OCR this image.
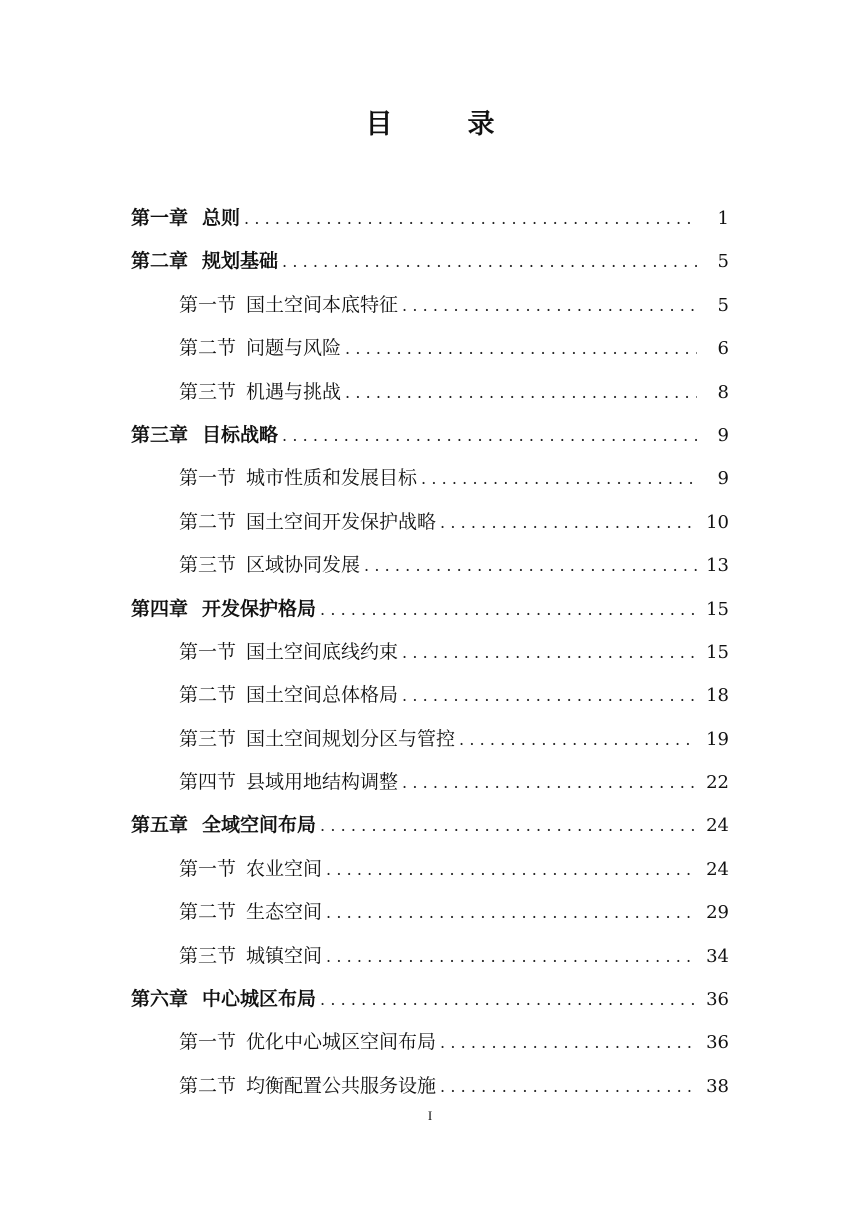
目　录
第一章 总则 .....	1
第二章 规划基础 .....	5
第一节 国土空间本底特征 .....	5
第二节 问题与风险 .....	6
第三节 机遇与挑战 .....	8
第三章 目标战略 .....	9
第一节 城市性质和发展目标 .....	9
第二节 国土空间开发保护战略 .....	10
第三节 区域协同发展 .....	13
第四章 开发保护格局 .....	15
第一节 国土空间底线约束 .....	15
第二节 国土空间总体格局 .....	18
第三节 国土空间规划分区与管控 .....	19
第四节 县域用地结构调整 .....	22
第五章 全域空间布局 .....	24
第一节 农业空间 .....	24
第二节 生态空间 .....	29
第三节 城镇空间 .....	34
第六章 中心城区布局 .....	36
第一节 优化中心城区空间布局 .....	36
第二节 均衡配置公共服务设施 .....	38
I
